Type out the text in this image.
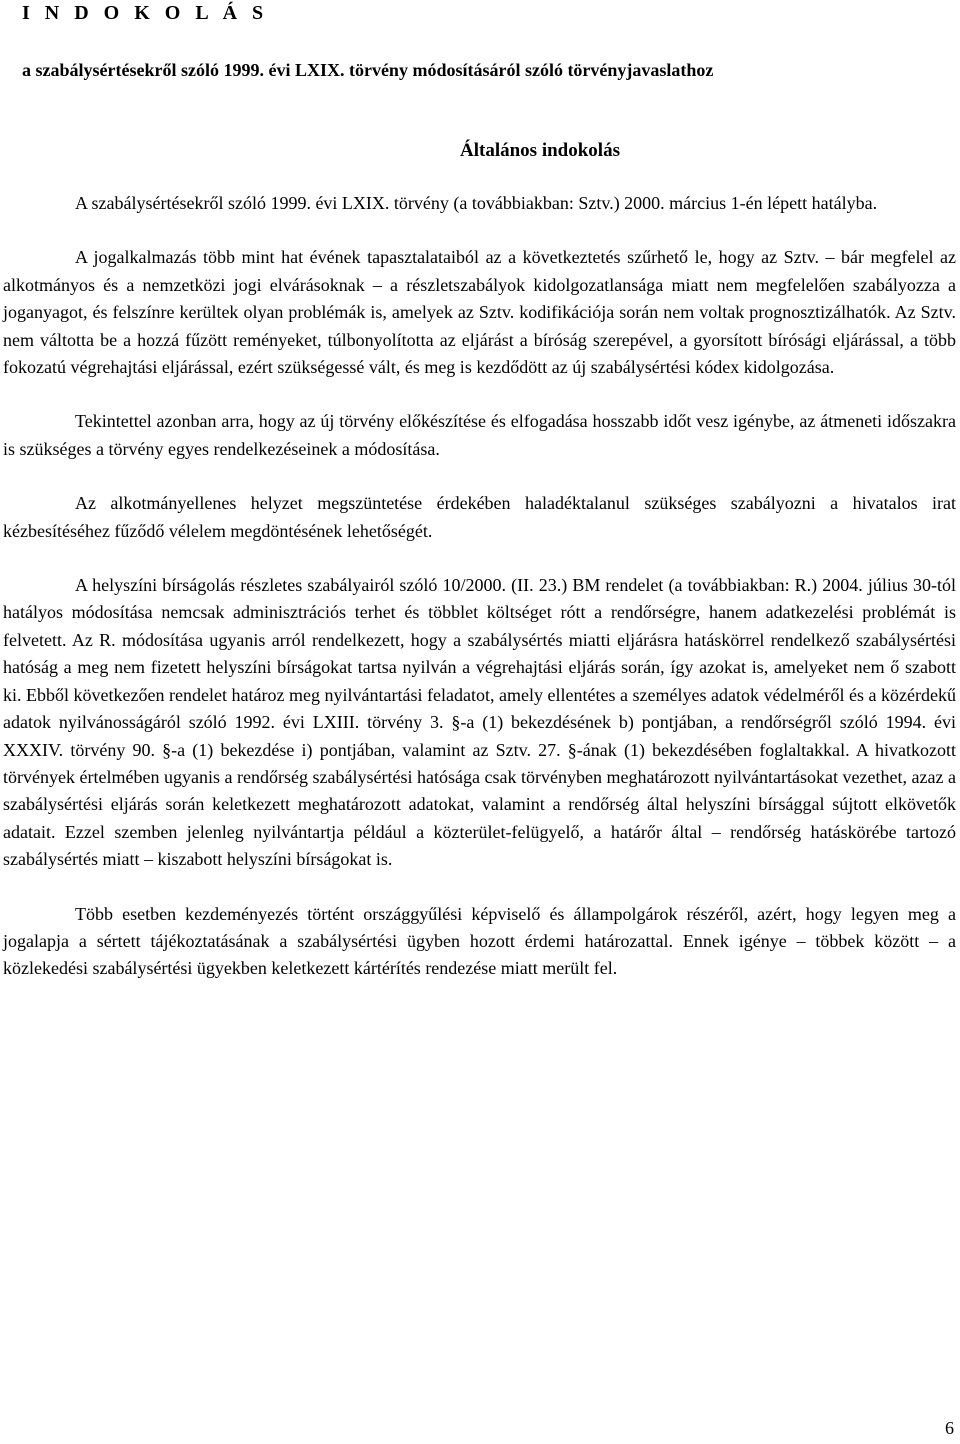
I N D O K O L Á S
a szabálysértésekről szóló 1999. évi LXIX. törvény módosításáról szóló törvényjavaslathoz
Általános indokolás

A szabálysértésekről szóló 1999. évi LXIX. törvény (a továbbiakban: Sztv.) 2000. március 1-én lépett hatályba.

A jogalkalmazás több mint hat évének tapasztalataiból az a következtetés szűrhető le, hogy az Sztv. – bár megfelel az alkotmányos és a nemzetközi jogi elvárásoknak – a részletszabályok kidolgozatlansága miatt nem megfelelően szabályozza a joganyagot, és felszínre kerültek olyan problémák is, amelyek az Sztv. kodifikációja során nem voltak prognosztizálhatók. Az Sztv. nem váltotta be a hozzá fűzött reményeket, túlbonyolította az eljárást a bíróság szerepével, a gyorsított bírósági eljárással, a több fokozatú végrehajtási eljárással, ezért szükségessé vált, és meg is kezdődött az új szabálysértési kódex kidolgozása.

Tekintettel azonban arra, hogy az új törvény előkészítése és elfogadása hosszabb időt vesz igénybe, az átmeneti időszakra is szükséges a törvény egyes rendelkezéseinek a módosítása.

Az alkotmányellenes helyzet megszüntetése érdekében haladéktalanul szükséges szabályozni a hivatalos irat kézbesítéséhez fűződő vélelem megdöntésének lehetőségét.

A helyszíni bírságolás részletes szabályairól szóló 10/2000. (II. 23.) BM rendelet (a továbbiakban: R.) 2004. július 30-tól hatályos módosítása nemcsak adminisztrációs terhet és többlet költséget rótt a rendőrségre, hanem adatkezelési problémát is felvetett. Az R. módosítása ugyanis arról rendelkezett, hogy a szabálysértés miatti eljárásra hatáskörrel rendelkező szabálysértési hatóság a meg nem fizetett helyszíni bírságokat tartsa nyilván a végrehajtási eljárás során, így azokat is, amelyeket nem ő szabott ki. Ebből következően rendelet határoz meg nyilvántartási feladatot, amely ellentétes a személyes adatok védelméről és a közérdekű adatok nyilvánosságáról szóló 1992. évi LXIII. törvény 3. §-a (1) bekezdésének b) pontjában, a rendőrségről szóló 1994. évi XXXIV. törvény 90. §-a (1) bekezdése i) pontjában, valamint az Sztv. 27. §-ának (1) bekezdésében foglaltakkal. A hivatkozott törvények értelmében ugyanis a rendőrség szabálysértési hatósága csak törvényben meghatározott nyilvántartásokat vezethet, azaz a szabálysértési eljárás során keletkezett meghatározott adatokat, valamint a rendőrség által helyszíni bírsággal sújtott elkövetők adatait. Ezzel szemben jelenleg nyilvántartja például a közterület-felügyelő, a határőr által – rendőrség hatáskörébe tartozó szabálysértés miatt – kiszabott helyszíni bírságokat is.

Több esetben kezdeményezés történt országgyűlési képviselő és állampolgárok részéről, azért, hogy legyen meg a jogalapja a sértett tájékoztatásának a szabálysértési ügyben hozott érdemi határozattal. Ennek igénye – többek között – a közlekedési szabálysértési ügyekben keletkezett kártérítés rendezése miatt merült fel.

6
